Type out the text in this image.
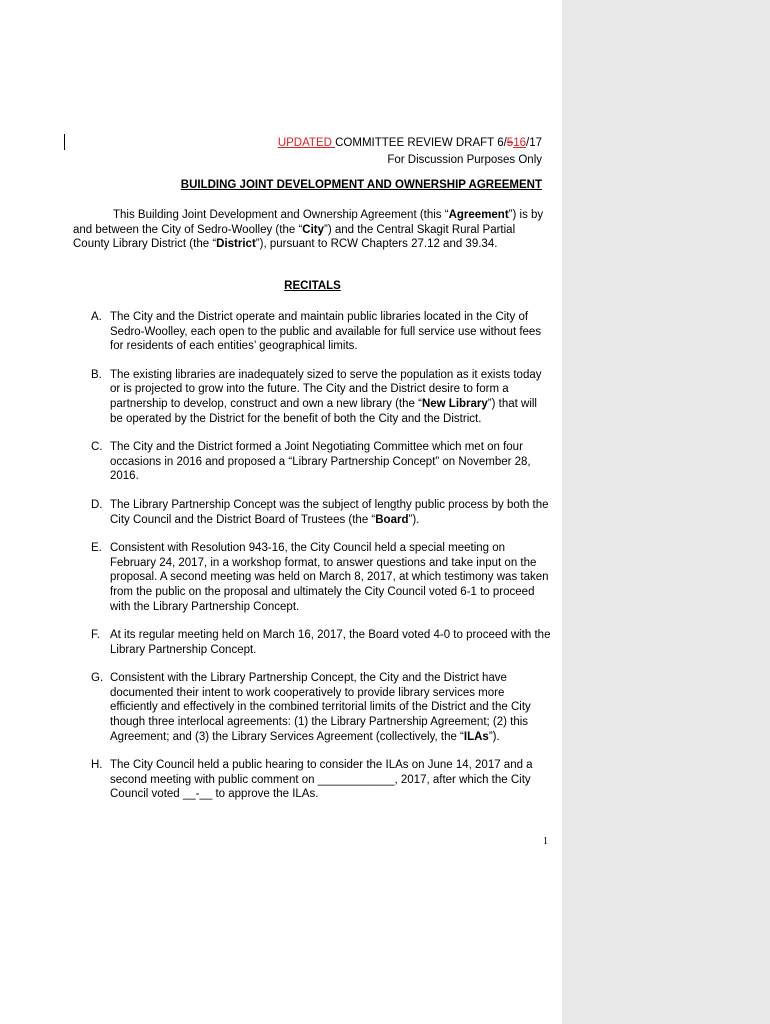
UPDATED COMMITTEE REVIEW DRAFT 6/516/17
For Discussion Purposes Only
BUILDING JOINT DEVELOPMENT AND OWNERSHIP AGREEMENT

This Building Joint Development and Ownership Agreement (this “Agreement”) is by and between the City of Sedro-Woolley (the “City”) and the Central Skagit Rural Partial County Library District (the “District”), pursuant to RCW Chapters 27.12 and 39.34.

RECITALS
A. The City and the District operate and maintain public libraries located in the City of Sedro-Woolley, each open to the public and available for full service use without fees for residents of each entities’ geographical limits.

B. The existing libraries are inadequately sized to serve the population as it exists today or is projected to grow into the future. The City and the District desire to form a partnership to develop, construct and own a new library (the “New Library”) that will be operated by the District for the benefit of both the City and the District.

C. The City and the District formed a Joint Negotiating Committee which met on four occasions in 2016 and proposed a “Library Partnership Concept” on November 28, 2016.

D. The Library Partnership Concept was the subject of lengthy public process by both the City Council and the District Board of Trustees (the “Board”).

E. Consistent with Resolution 943-16, the City Council held a special meeting on February 24, 2017, in a workshop format, to answer questions and take input on the proposal. A second meeting was held on March 8, 2017, at which testimony was taken from the public on the proposal and ultimately the City Council voted 6-1 to proceed with the Library Partnership Concept.

F. At its regular meeting held on March 16, 2017, the Board voted 4-0 to proceed with the Library Partnership Concept.

G. Consistent with the Library Partnership Concept, the City and the District have documented their intent to work cooperatively to provide library services more efficiently and effectively in the combined territorial limits of the District and the City though three interlocal agreements: (1) the Library Partnership Agreement; (2) this Agreement; and (3) the Library Services Agreement (collectively, the “ILAs”).

H. The City Council held a public hearing to consider the ILAs on June 14, 2017 and a second meeting with public comment on ____________, 2017, after which the City Council voted __-__ to approve the ILAs.

1
